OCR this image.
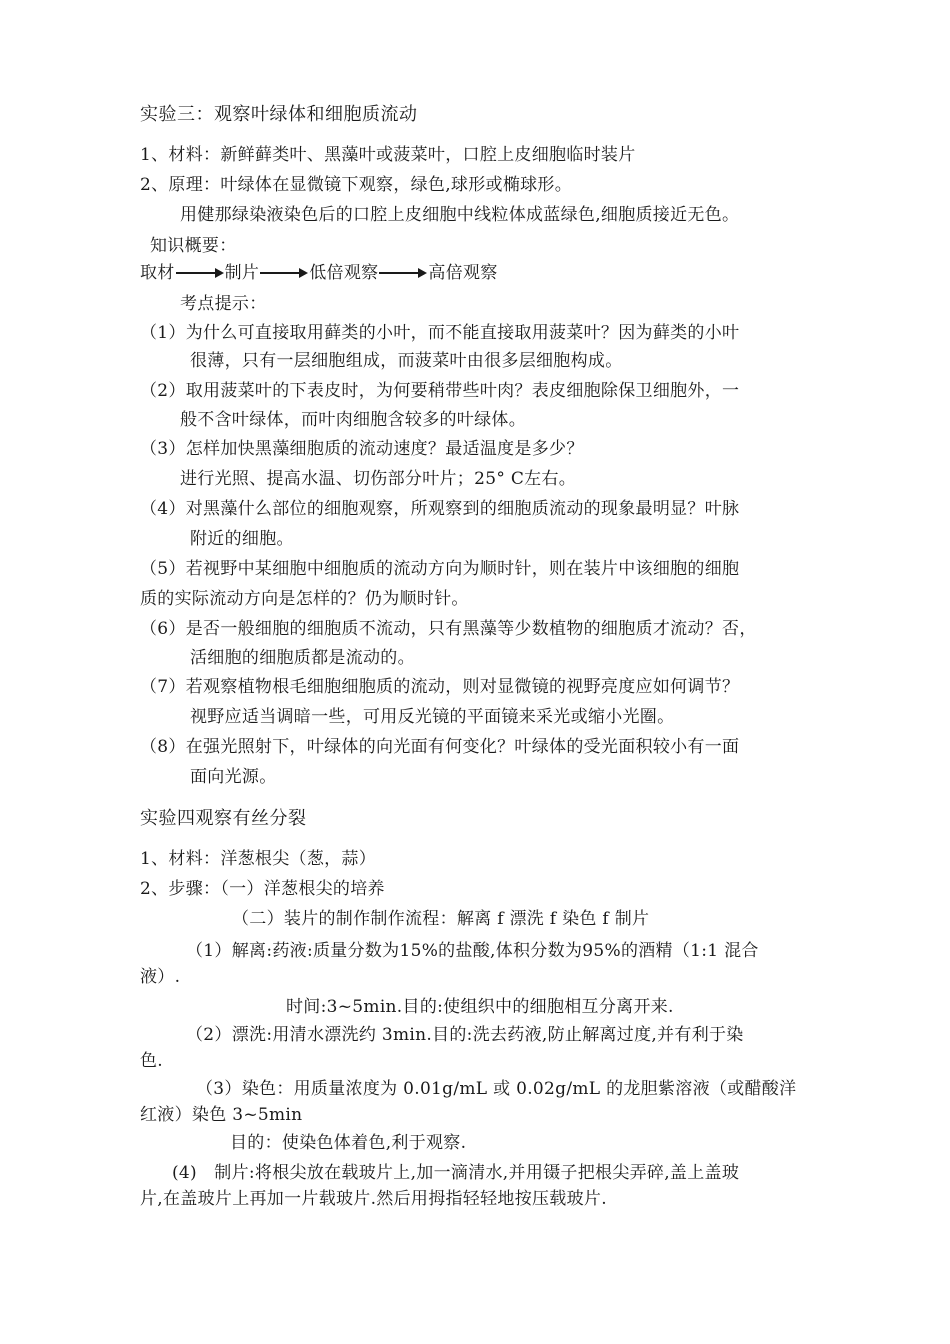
实验三：观察叶绿体和细胞质流动
1、材料：新鲜藓类叶、黑藻叶或菠菜叶，口腔上皮细胞临时装片
2、原理：叶绿体在显微镜下观察，绿色,球形或椭球形。
用健那绿染液染色后的口腔上皮细胞中线粒体成蓝绿色,细胞质接近无色。
知识概要：
取材	制片	低倍观察	高倍观察
考点提示：
（1）为什么可直接取用藓类的小叶，而不能直接取用菠菜叶？因为藓类的小叶
很薄，只有一层细胞组成，而菠菜叶由很多层细胞构成。
（2）取用菠菜叶的下表皮时，为何要稍带些叶肉？表皮细胞除保卫细胞外，一
般不含叶绿体，而叶肉细胞含较多的叶绿体。
（3）怎样加快黑藻细胞质的流动速度？最适温度是多少？
进行光照、提高水温、切伤部分叶片；25° C左右。
（4）对黑藻什么部位的细胞观察，所观察到的细胞质流动的现象最明显？叶脉
附近的细胞。
（5）若视野中某细胞中细胞质的流动方向为顺时针，则在装片中该细胞的细胞
质的实际流动方向是怎样的？仍为顺时针。
（6）是否一般细胞的细胞质不流动，只有黑藻等少数植物的细胞质才流动？否，
活细胞的细胞质都是流动的。
（7）若观察植物根毛细胞细胞质的流动，则对显微镜的视野亮度应如何调节？
视野应适当调暗一些，可用反光镜的平面镜来采光或缩小光圈。
（8）在强光照射下，叶绿体的向光面有何变化？叶绿体的受光面积较小有一面
面向光源。
实验四观察有丝分裂
1、材料：洋葱根尖（葱，蒜）
2、步骤：（一）洋葱根尖的培养
（二）装片的制作制作流程：解离 f 漂洗 f 染色 f 制片
（1）解离:药液:质量分数为15%的盐酸,体积分数为95%的酒精（1:1 混合
液）.
时间:3~5min.目的:使组织中的细胞相互分离开来.
（2）漂洗:用清水漂洗约 3min.目的:洗去药液,防止解离过度,并有利于染
色.
（3）染色：用质量浓度为 0.01g/mL 或 0.02g/mL 的龙胆紫溶液（或醋酸洋
红液）染色 3~5min
目的：使染色体着色,利于观察.
(4)　制片:将根尖放在载玻片上,加一滴清水,并用镊子把根尖弄碎,盖上盖玻
片,在盖玻片上再加一片载玻片.然后用拇指轻轻地按压载玻片.
